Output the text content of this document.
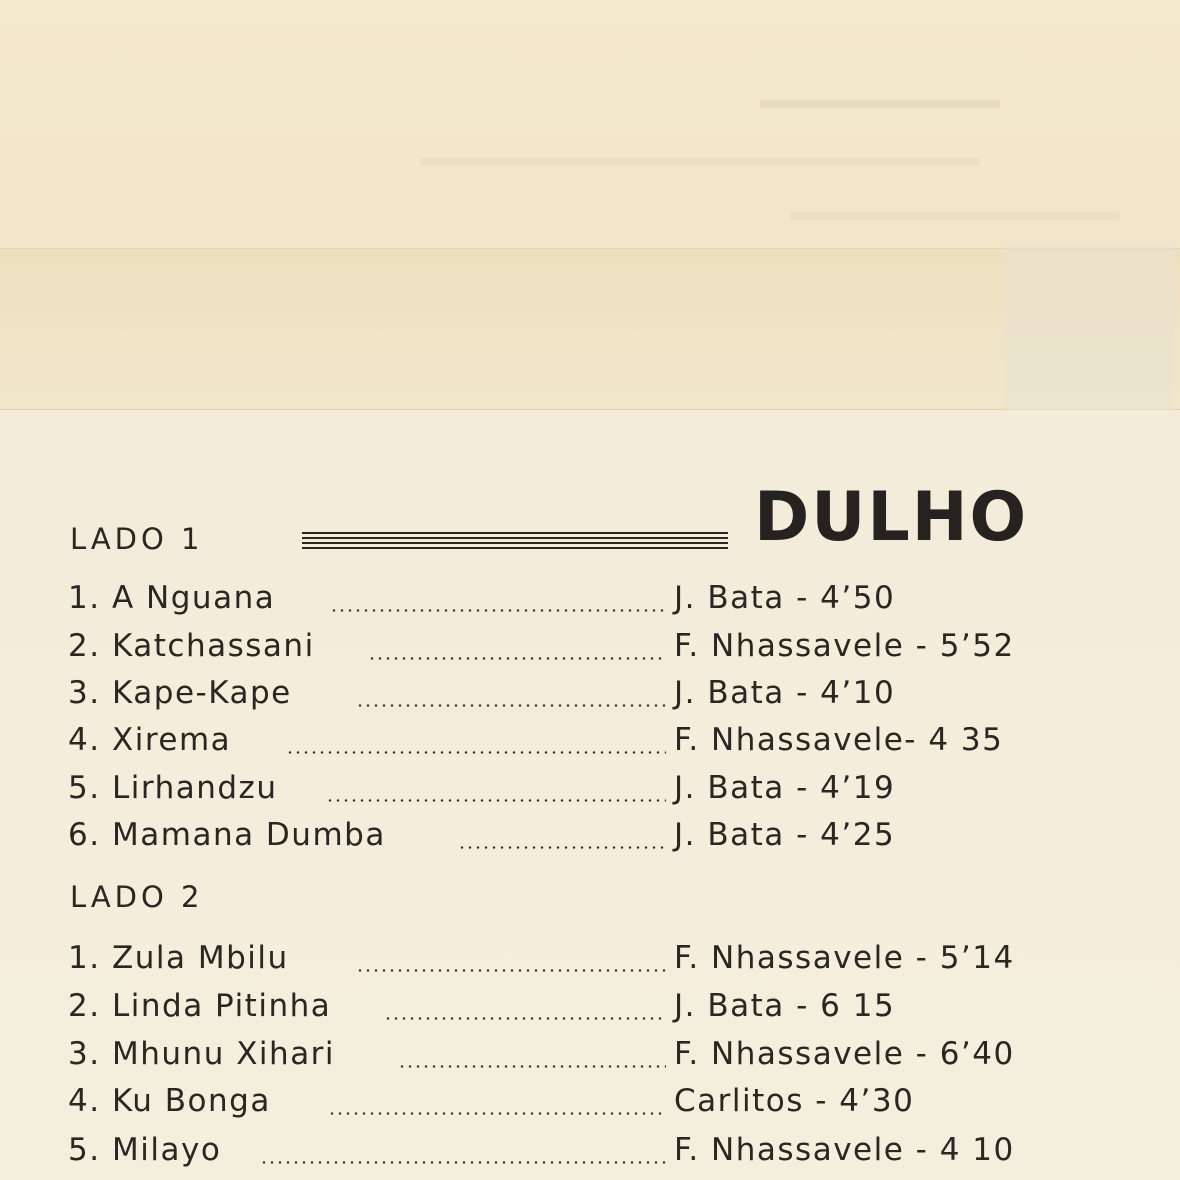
LADO 1	DULHO
1. A Nguana	J. Bata - 4’50
2. Katchassani	F. Nhassavele - 5’52
3. Kape-Kape	J. Bata - 4’10
4. Xirema	F. Nhassavele- 4 35
5. Lirhandzu	J. Bata - 4’19
6. Mamana Dumba	J. Bata - 4’25
LADO 2
1. Zula Mbilu	F. Nhassavele - 5’14
2. Linda Pitinha	J. Bata - 6 15
3. Mhunu Xihari	F. Nhassavele - 6’40
4. Ku Bonga	Carlitos - 4’30
5. Milayo	F. Nhassavele - 4 10
